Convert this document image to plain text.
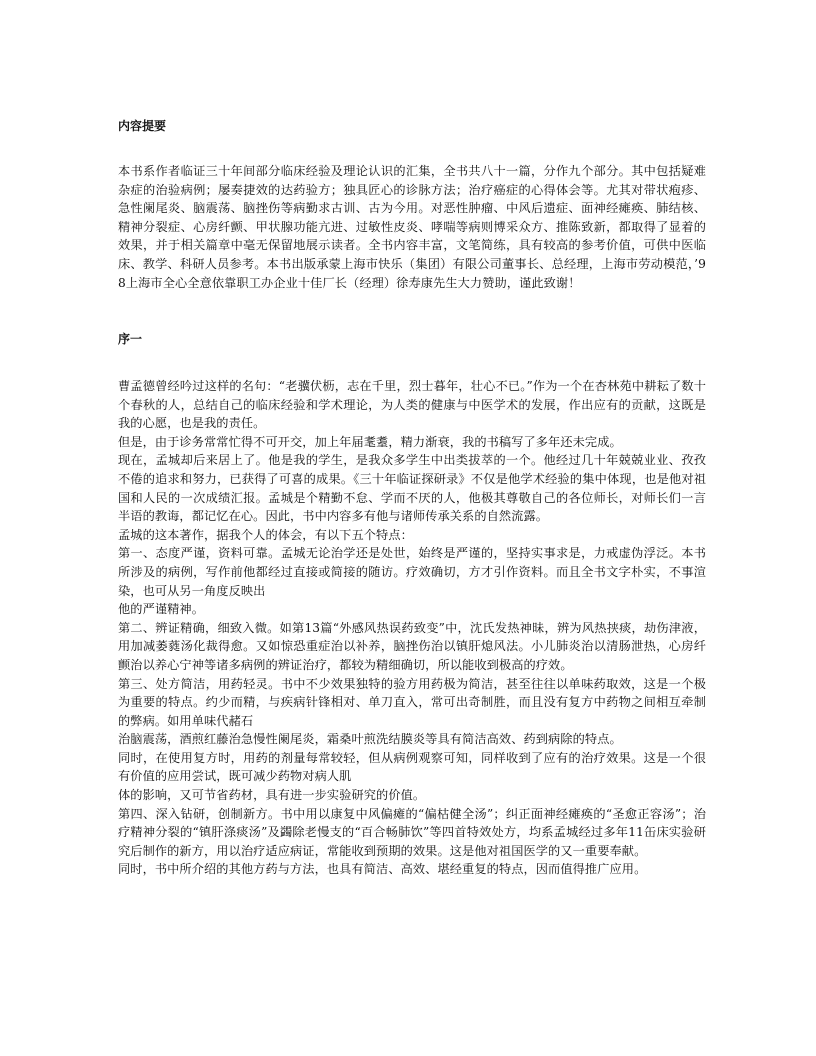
内容提要

本书系作者临证三十年间部分临床经验及理论认识的汇集，全书共八十一篇，分作九个部分。其中包括疑难杂症的治验病例；屡奏捷效的达药验方；独具匠心的诊脉方法；治疗癌症的心得体会等。尤其对带状疱疹、急性阑尾炎、脑震荡、脑挫伤等病勤求古训、古为今用。对恶性肿瘤、中风后遗症、面神经瘫痪、肺结核、精神分裂症、心房纤颤、甲状腺功能亢进、过敏性皮炎、哮喘等病则博采众方、推陈致新，都取得了显着的效果，并于相关篇章中毫无保留地展示读者。全书内容丰富，文笔简练，具有较高的参考价值，可供中医临床、教学、科研人员参考。本书出版承蒙上海市快乐（集团）有限公司董事长、总经理，上海市劳动模范，’98上海市全心全意依靠职工办企业十佳厂长（经理）徐寿康先生大力赞助，谨此致谢！

序一

曹孟德曾经吟过这样的名句：“老骥伏枥，志在千里，烈士暮年，壮心不已。”作为一个在杏林苑中耕耘了数十个春秋的人，总结自己的临床经验和学术理论，为人类的健康与中医学术的发展，作出应有的贡献，这既是我的心愿，也是我的责任。

但是，由于诊务常常忙得不可开交，加上年届耄耋，精力渐衰，我的书稿写了多年还未完成。

现在，孟城却后来居上了。他是我的学生，是我众多学生中出类拔萃的一个。他经过几十年兢兢业业、孜孜不倦的追求和努力，已获得了可喜的成果。《三十年临证探研录》不仅是他学术经验的集中体现，也是他对祖国和人民的一次成绩汇报。孟城是个精勤不怠、学而不厌的人，他极其尊敬自己的各位师长，对师长们一言半语的教诲，都记忆在心。因此，书中内容多有他与诸师传承关系的自然流露。

孟城的这本著作，据我个人的体会，有以下五个特点：

第一、态度严谨，资料可靠。孟城无论治学还是处世，始终是严谨的，坚持实事求是，力戒虚伪浮泛。本书所涉及的病例，写作前他都经过直接或简接的随访。疗效确切，方才引作资料。而且全书文字朴实，不事渲染，也可从另一角度反映出

他的严谨精神。

第二、辨证精确，细致入微。如第13篇“外感风热误药致变”中，沈氏发热神昧，辨为风热挟痰，劫伤津液，用加减萎蕤汤化裁得愈。又如惊恐重症治以补养，脑挫伤治以镇肝熄风法。小儿肺炎治以清肠泄热，心房纤颤治以养心宁神等诸多病例的辨证治疗，都较为精细确切，所以能收到极高的疗效。

第三、处方简洁，用药轻灵。书中不少效果独特的验方用药极为简洁，甚至往往以单味药取效，这是一个极为重要的特点。约少而精，与疾病针锋相对、单刀直入，常可出奇制胜，而且没有复方中药物之间相互牵制的弊病。如用单味代赭石

治脑震荡，酒煎红藤治急慢性阑尾炎，霜桑叶煎洗结膜炎等具有简洁高效、药到病除的特点。

同时，在使用复方时，用药的剂量每常较轻，但从病例观察可知，同样收到了应有的治疗效果。这是一个很有价值的应用尝试，既可减少药物对病人肌

体的影响，又可节省药材，具有进一步实验研究的价值。

第四、深入钻研，创制新方。书中用以康复中风偏瘫的“偏枯健全汤”；纠正面神经瘫痪的“圣愈正容汤”；治疗精神分裂的“镇肝涤痰汤”及蠲除老慢支的“百合畅肺饮”等四首特效处方，均系孟城经过多年11缶床实验研究后制作的新方，用以治疗适应病证，常能收到预期的效果。这是他对祖国医学的又一重要奉献。

同时，书中所介绍的其他方药与方法，也具有简洁、高效、堪经重复的特点，因而值得推广应用。
